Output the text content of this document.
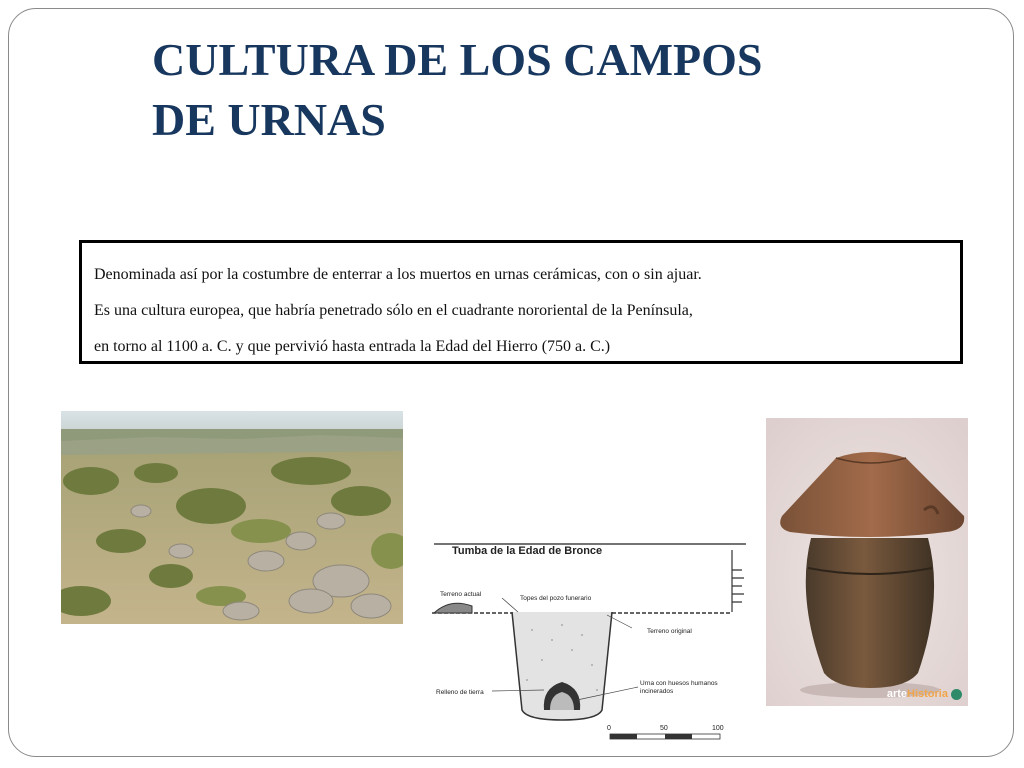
CULTURA DE LOS CAMPOS
DE URNAS

Denominada así por la costumbre de enterrar a los muertos en urnas cerámicas, con o sin ajuar.

Es una cultura europea, que habría penetrado sólo en el cuadrante nororiental de la Península,

en torno al 1100 a. C. y que pervivió hasta entrada la Edad del Hierro (750 a. C.)

Tumba de la Edad de Bronce
Terreno actual
Topes del pozo funerario
Terreno original
Relleno de tierra
Urna con huesos humanos
incinerados
0	50	100
arteHistoria
